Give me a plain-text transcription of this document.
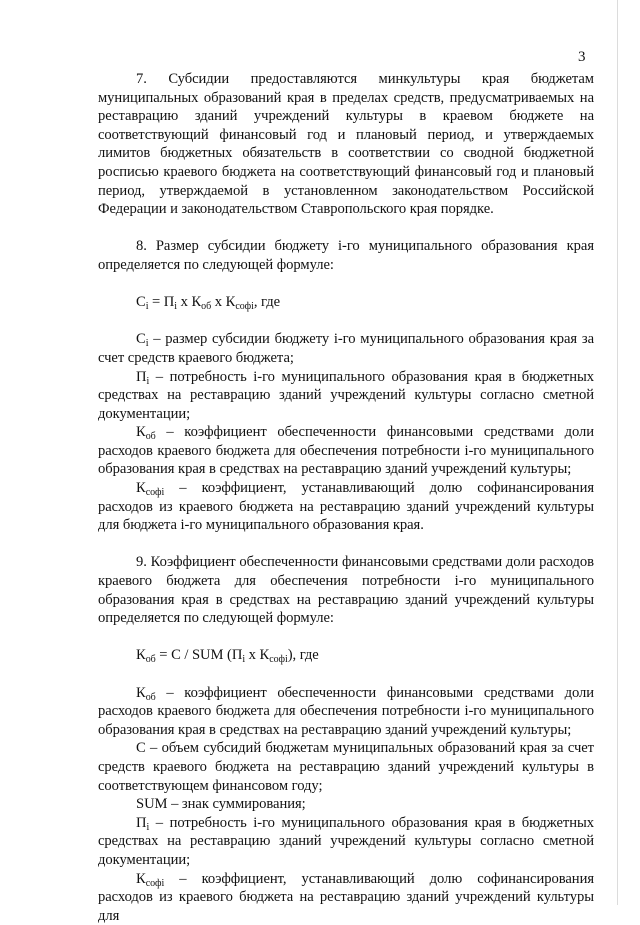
3

7. Субсидии предоставляются минкультуры края бюджетам муниципальных образований края в пределах средств, предусматриваемых на реставрацию зданий учреждений культуры в краевом бюджете на соответствующий финансовый год и плановый период, и утверждаемых лимитов бюджетных обязательств в соответствии со сводной бюджетной росписью краевого бюджета на соответствующий финансовый год и плановый период, утверждаемой в установленном законодательством Российской Федерации и законодательством Ставропольского края порядке.

8. Размер субсидии бюджету i-го муниципального образования края определяется по следующей формуле:

$С_i = П_i$ x $К_{об}$ x $К_{софi}$, где

$С_i$ – размер субсидии бюджету i-го муниципального образования края за счет средств краевого бюджета;

$П_i$ – потребность i-го муниципального образования края в бюджетных средствах на реставрацию зданий учреждений культуры согласно сметной документации;

$К_{об}$ – коэффициент обеспеченности финансовыми средствами доли расходов краевого бюджета для обеспечения потребности i-го муниципального образования края в средствах на реставрацию зданий учреждений культуры;

$К_{софi}$ – коэффициент, устанавливающий долю софинансирования расходов из краевого бюджета на реставрацию зданий учреждений культуры для бюджета i-го муниципального образования края.

9. Коэффициент обеспеченности финансовыми средствами доли расходов краевого бюджета для обеспечения потребности i-го муниципального образования края в средствах на реставрацию зданий учреждений культуры определяется по следующей формуле:

$К_{об} = С$ / SUM ($П_i$ x $К_{софi}$), где

$К_{об}$ – коэффициент обеспеченности финансовыми средствами доли расходов краевого бюджета для обеспечения потребности i-го муниципального образования края в средствах на реставрацию зданий учреждений культуры;

С – объем субсидий бюджетам муниципальных образований края за счет средств краевого бюджета на реставрацию зданий учреждений культуры в соответствующем финансовом году;

SUM – знак суммирования;

$П_i$ – потребность i-го муниципального образования края в бюджетных средствах на реставрацию зданий учреждений культуры согласно сметной документации;

$К_{софi}$ – коэффициент, устанавливающий долю софинансирования расходов из краевого бюджета на реставрацию зданий учреждений культуры для
